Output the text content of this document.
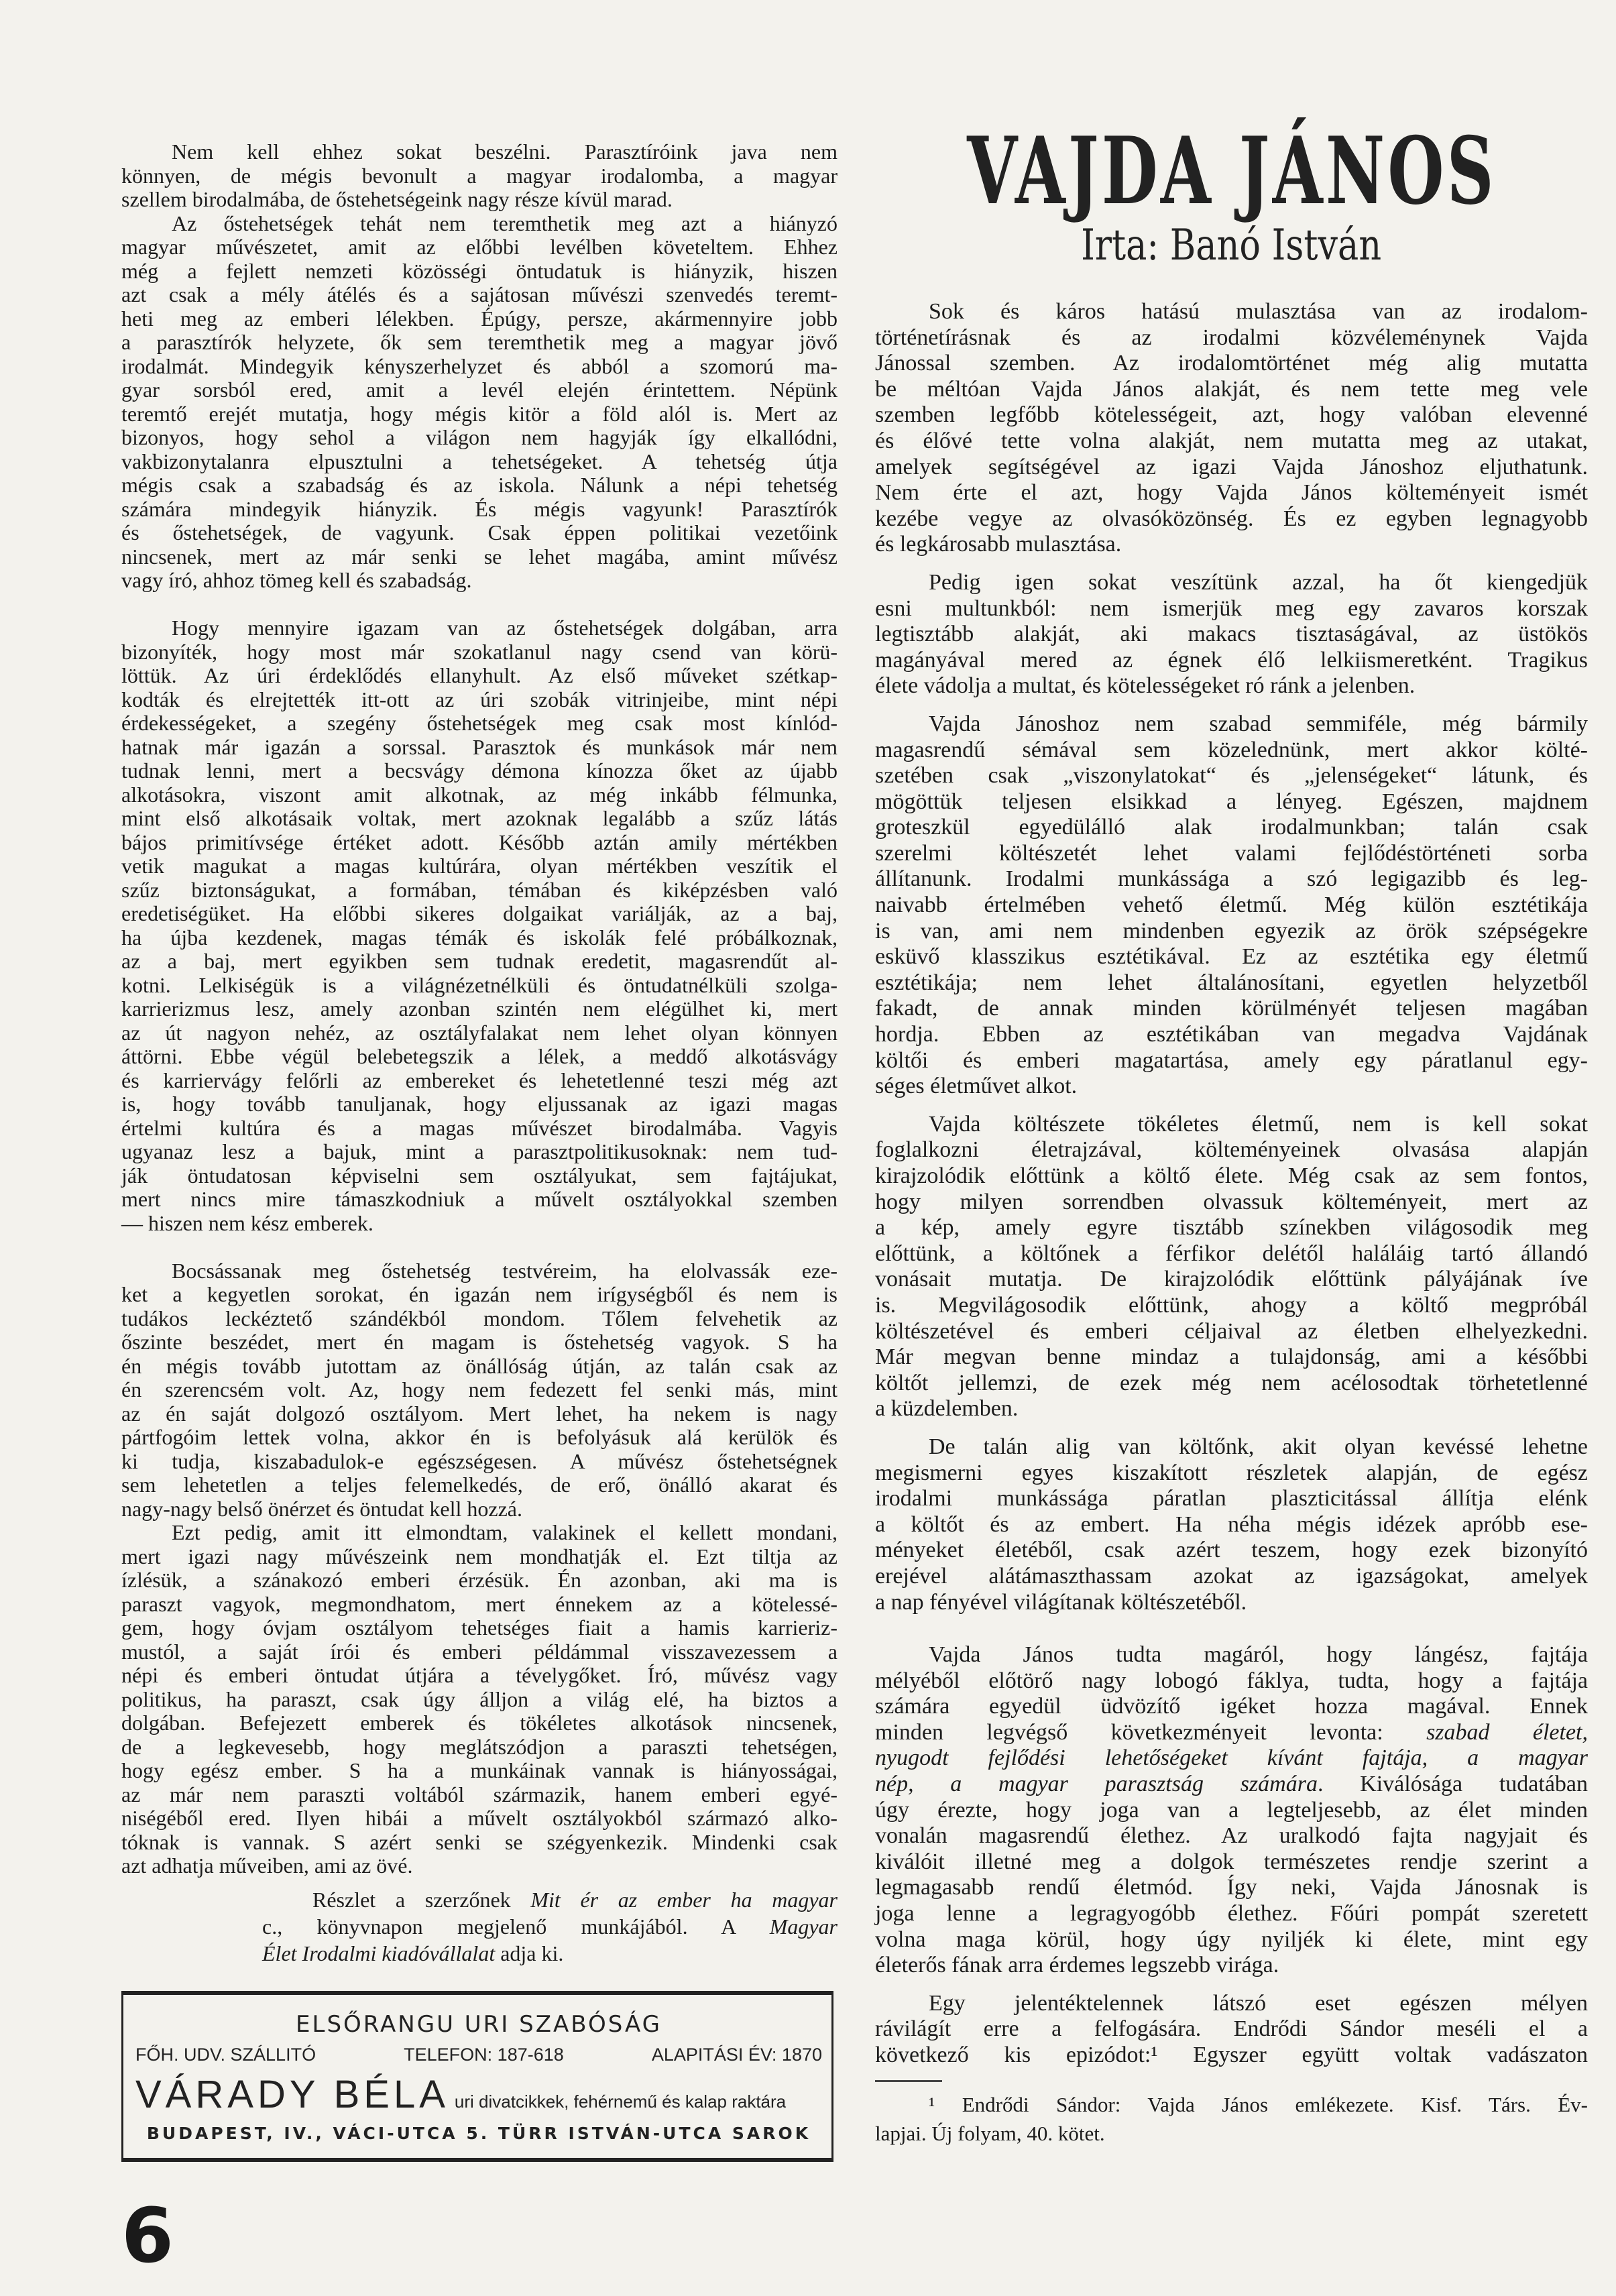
VAJDA JÁNOS
Irta: Banó István
Nem kell ehhez sokat beszélni. Parasztíróink java nem
könnyen, de mégis bevonult a magyar irodalomba, a magyar
szellem birodalmába, de őstehetségeink nagy része kívül marad.
Az őstehetségek tehát nem teremthetik meg azt a hiányzó
magyar művészetet, amit az előbbi levélben követeltem. Ehhez
még a fejlett nemzeti közösségi öntudatuk is hiányzik, hiszen
azt csak a mély átélés és a sajátosan művészi szenvedés teremt-
heti meg az emberi lélekben. Épúgy, persze, akármennyire jobb
a parasztírók helyzete, ők sem teremthetik meg a magyar jövő
irodalmát. Mindegyik kényszerhelyzet és abból a szomorú ma-
gyar sorsból ered, amit a levél elején érintettem. Népünk
teremtő erejét mutatja, hogy mégis kitör a föld alól is. Mert az
bizonyos, hogy sehol a világon nem hagyják így elkallódni,
vakbizonytalanra elpusztulni a tehetségeket. A tehetség útja
mégis csak a szabadság és az iskola. Nálunk a népi tehetség
számára mindegyik hiányzik. És mégis vagyunk! Parasztírók
és őstehetségek, de vagyunk. Csak éppen politikai vezetőink
nincsenek, mert az már senki se lehet magába, amint művész
vagy író, ahhoz tömeg kell és szabadság.
Hogy mennyire igazam van az őstehetségek dolgában, arra
bizonyíték, hogy most már szokatlanul nagy csend van körü-
löttük. Az úri érdeklődés ellanyhult. Az első műveket szétkap-
kodták és elrejtették itt-ott az úri szobák vitrinjeibe, mint népi
érdekességeket, a szegény őstehetségek meg csak most kínlód-
hatnak már igazán a sorssal. Parasztok és munkások már nem
tudnak lenni, mert a becsvágy démona kínozza őket az újabb
alkotásokra, viszont amit alkotnak, az még inkább félmunka,
mint első alkotásaik voltak, mert azoknak legalább a szűz látás
bájos primitívsége értéket adott. Később aztán amily mértékben
vetik magukat a magas kultúrára, olyan mértékben veszítik el
szűz biztonságukat, a formában, témában és kiképzésben való
eredetiségüket. Ha előbbi sikeres dolgaikat variálják, az a baj,
ha újba kezdenek, magas témák és iskolák felé próbálkoznak,
az a baj, mert egyikben sem tudnak eredetit, magasrendűt al-
kotni. Lelkiségük is a világnézetnélküli és öntudatnélküli szolga-
karrierizmus lesz, amely azonban szintén nem elégülhet ki, mert
az út nagyon nehéz, az osztályfalakat nem lehet olyan könnyen
áttörni. Ebbe végül belebetegszik a lélek, a meddő alkotásvágy
és karriervágy felőrli az embereket és lehetetlenné teszi még azt
is, hogy tovább tanuljanak, hogy eljussanak az igazi magas
értelmi kultúra és a magas művészet birodalmába. Vagyis
ugyanaz lesz a bajuk, mint a parasztpolitikusoknak: nem tud-
ják öntudatosan képviselni sem osztályukat, sem fajtájukat,
mert nincs mire támaszkodniuk a művelt osztályokkal szemben
— hiszen nem kész emberek.
Bocsássanak meg őstehetség testvéreim, ha elolvassák eze-
ket a kegyetlen sorokat, én igazán nem irígységből és nem is
tudákos leckéztető szándékból mondom. Tőlem felvehetik az
őszinte beszédet, mert én magam is őstehetség vagyok. S ha
én mégis tovább jutottam az önállóság útján, az talán csak az
én szerencsém volt. Az, hogy nem fedezett fel senki más, mint
az én saját dolgozó osztályom. Mert lehet, ha nekem is nagy
pártfogóim lettek volna, akkor én is befolyásuk alá kerülök és
ki tudja, kiszabadulok-e egészségesen. A művész őstehetségnek
sem lehetetlen a teljes felemelkedés, de erő, önálló akarat és
nagy-nagy belső önérzet és öntudat kell hozzá.
Ezt pedig, amit itt elmondtam, valakinek el kellett mondani,
mert igazi nagy művészeink nem mondhatják el. Ezt tiltja az
ízlésük, a szánakozó emberi érzésük. Én azonban, aki ma is
paraszt vagyok, megmondhatom, mert énnekem az a kötelessé-
gem, hogy óvjam osztályom tehetséges fiait a hamis karrieriz-
mustól, a saját írói és emberi példámmal visszavezessem a
népi és emberi öntudat útjára a tévelygőket. Író, művész vagy
politikus, ha paraszt, csak úgy álljon a világ elé, ha biztos a
dolgában. Befejezett emberek és tökéletes alkotások nincsenek,
de a legkevesebb, hogy meglátszódjon a paraszti tehetségen,
hogy egész ember. S ha a munkáinak vannak is hiányosságai,
az már nem paraszti voltából származik, hanem emberi egyé-
niségéből ered. Ilyen hibái a művelt osztályokból származó alko-
tóknak is vannak. S azért senki se szégyenkezik. Mindenki csak
azt adhatja műveiben, ami az övé.
Részlet a szerzőnek Mit ér az ember ha magyar
c., könyvnapon megjelenő munkájából. A Magyar
Élet Irodalmi kiadóvállalat adja ki.
ELSŐRANGU URI SZABÓSÁG
FŐH. UDV. SZÁLLITÓ	TELEFON: 187-618	ALAPITÁSI ÉV: 1870
VÁRADY BÉLA uri divatcikkek, fehérnemű és kalap raktára
BUDAPEST, IV., VÁCI-UTCA 5. TÜRR ISTVÁN-UTCA SAROK
6
Sok és káros hatású mulasztása van az irodalom-
történetírásnak és az irodalmi közvéleménynek Vajda
Jánossal szemben. Az irodalomtörténet még alig mutatta
be méltóan Vajda János alakját, és nem tette meg vele
szemben legfőbb kötelességeit, azt, hogy valóban elevenné
és élővé tette volna alakját, nem mutatta meg az utakat,
amelyek segítségével az igazi Vajda Jánoshoz eljuthatunk.
Nem érte el azt, hogy Vajda János költeményeit ismét
kezébe vegye az olvasóközönség. És ez egyben legnagyobb
és legkárosabb mulasztása.
Pedig igen sokat veszítünk azzal, ha őt kiengedjük
esni multunkból: nem ismerjük meg egy zavaros korszak
legtisztább alakját, aki makacs tisztaságával, az üstökös
magányával mered az égnek élő lelkiismeretként. Tragikus
élete vádolja a multat, és kötelességeket ró ránk a jelenben.
Vajda Jánoshoz nem szabad semmiféle, még bármily
magasrendű sémával sem közelednünk, mert akkor költé-
szetében csak „viszonylatokat“ és „jelenségeket“ látunk, és
mögöttük teljesen elsikkad a lényeg. Egészen, majdnem
groteszkül egyedülálló alak irodalmunkban; talán csak
szerelmi költészetét lehet valami fejlődéstörténeti sorba
állítanunk. Irodalmi munkássága a szó legigazibb és leg-
naivabb értelmében vehető életmű. Még külön esztétikája
is van, ami nem mindenben egyezik az örök szépségekre
esküvő klasszikus esztétikával. Ez az esztétika egy életmű
esztétikája; nem lehet általánosítani, egyetlen helyzetből
fakadt, de annak minden körülményét teljesen magában
hordja. Ebben az esztétikában van megadva Vajdának
költői és emberi magatartása, amely egy páratlanul egy-
séges életművet alkot.
Vajda költészete tökéletes életmű, nem is kell sokat
foglalkozni életrajzával, költeményeinek olvasása alapján
kirajzolódik előttünk a költő élete. Még csak az sem fontos,
hogy milyen sorrendben olvassuk költeményeit, mert az
a kép, amely egyre tisztább színekben világosodik meg
előttünk, a költőnek a férfikor delétől haláláig tartó állandó
vonásait mutatja. De kirajzolódik előttünk pályájának íve
is. Megvilágosodik előttünk, ahogy a költő megpróbál
költészetével és emberi céljaival az életben elhelyezkedni.
Már megvan benne mindaz a tulajdonság, ami a későbbi
költőt jellemzi, de ezek még nem acélosodtak törhetetlenné
a küzdelemben.
De talán alig van költőnk, akit olyan kevéssé lehetne
megismerni egyes kiszakított részletek alapján, de egész
irodalmi munkássága páratlan plaszticitással állítja elénk
a költőt és az embert. Ha néha mégis idézek apróbb ese-
ményeket életéből, csak azért teszem, hogy ezek bizonyító
erejével alátámaszthassam azokat az igazságokat, amelyek
a nap fényével világítanak költészetéből.
Vajda János tudta magáról, hogy lángész, fajtája
mélyéből előtörő nagy lobogó fáklya, tudta, hogy a fajtája
számára egyedül üdvözítő igéket hozza magával. Ennek
minden legvégső következményeit levonta: szabad életet,
nyugodt fejlődési lehetőségeket kívánt fajtája, a magyar
nép, a magyar parasztság számára. Kiválósága tudatában
úgy érezte, hogy joga van a legteljesebb, az élet minden
vonalán magasrendű élethez. Az uralkodó fajta nagyjait és
kiválóit illetné meg a dolgok természetes rendje szerint a
legmagasabb rendű életmód. Így neki, Vajda Jánosnak is
joga lenne a legragyogóbb élethez. Főúri pompát szeretett
volna maga körül, hogy úgy nyiljék ki élete, mint egy
életerős fának arra érdemes legszebb virága.
Egy jelentéktelennek látszó eset egészen mélyen
rávilágít erre a felfogására. Endrődi Sándor meséli el a
következő kis epizódot:¹ Egyszer együtt voltak vadászaton
¹ Endrődi Sándor: Vajda János emlékezete. Kisf. Társ. Év-
lapjai. Új folyam, 40. kötet.
